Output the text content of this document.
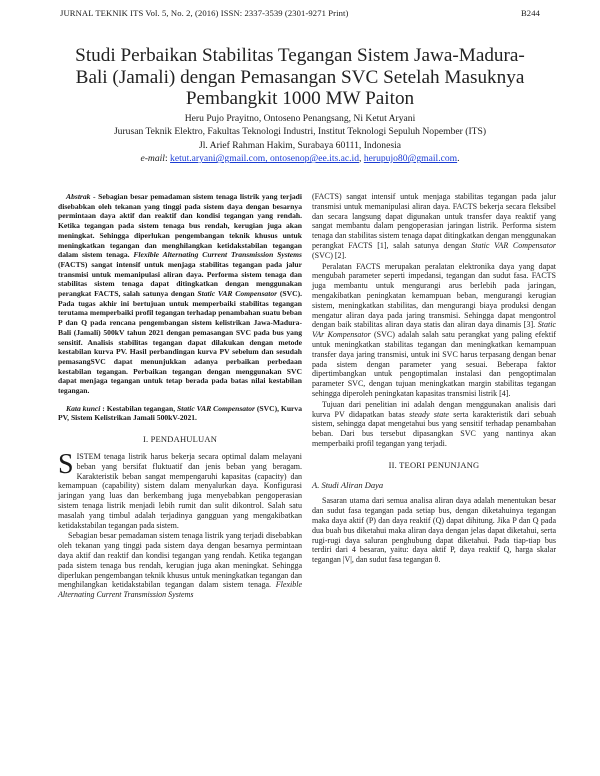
JURNAL TEKNIK ITS Vol. 5, No. 2, (2016) ISSN: 2337-3539 (2301-9271 Print)	B244
Studi Perbaikan Stabilitas Tegangan Sistem Jawa-Madura-
Bali (Jamali) dengan Pemasangan SVC Setelah Masuknya
Pembangkit 1000 MW Paiton
Heru Pujo Prayitno, Ontoseno Penangsang, Ni Ketut Aryani
Jurusan Teknik Elektro, Fakultas Teknologi Industri, Institut Teknologi Sepuluh Nopember (ITS)
Jl. Arief Rahman Hakim, Surabaya 60111, Indonesia
e-mail: ketut.aryani@gmail.com, ontosenop@ee.its.ac.id, herupujo80@gmail.com.

Abstrak - Sebagian besar pemadaman sistem tenaga listrik yang terjadi disebabkan oleh tekanan yang tinggi pada sistem daya dengan besarnya permintaan daya aktif dan reaktif dan kondisi tegangan yang rendah. Ketika tegangan pada sistem tenaga bus rendah, kerugian juga akan meningkat. Sehingga diperlukan pengembangan teknik khusus untuk meningkatkan tegangan dan menghilangkan ketidakstabilan tegangan dalam sistem tenaga. Flexible Alternating Current Transmission Systems (FACTS) sangat intensif untuk menjaga stabilitas tegangan pada jalur transmisi untuk memanipulasi aliran daya. Performa sistem tenaga dan stabilitas sistem tenaga dapat ditingkatkan dengan menggunakan perangkat FACTS, salah satunya dengan Static VAR Compensator (SVC). Pada tugas akhir ini bertujuan untuk memperbaiki stabilitas tegangan terutama memperbaiki profil tegangan terhadap penambahan suatu beban P dan Q pada rencana pengembangan sistem kelistrikan Jawa-Madura-Bali (Jamali) 500kV tahun 2021 dengan pemasangan SVC pada bus yang sensitif. Analisis stabilitas tegangan dapat dilakukan dengan metode kestabilan kurva PV. Hasil perbandingan kurva PV sebelum dan sesudah pemasangSVC dapat menunjukkan adanya perbaikan perbedaan kestabilan tegangan. Perbaikan tegangan dengan menggunakan SVC dapat menjaga tegangan untuk tetap berada pada batas nilai kestabilan tegangan.

Kata kunci : Kestabilan tegangan, Static VAR Compensator (SVC), Kurva PV, Sistem Kelistrikan Jamali 500kV-2021.

I. PENDAHULUAN

SISTEM tenaga listrik harus bekerja secara optimal dalam melayani beban yang bersifat fluktuatif dan jenis beban yang beragam. Karakteristik beban sangat mempengaruhi kapasitas (capacity) dan kemampuan (capability) sistem dalam menyalurkan daya. Konfigurasi jaringan yang luas dan berkembang juga menyebabkan pengoperasian sistem tenaga listrik menjadi lebih rumit dan sulit dikontrol. Salah satu masalah yang timbul adalah terjadinya gangguan yang mengakibatkan ketidakstabilan tegangan pada sistem.

Sebagian besar pemadaman sistem tenaga listrik yang terjadi disebabkan oleh tekanan yang tinggi pada sistem daya dengan besarnya permintaan daya aktif dan reaktif dan kondisi tegangan yang rendah. Ketika tegangan pada sistem tenaga bus rendah, kerugian juga akan meningkat. Sehingga diperlukan pengembangan teknik khusus untuk meningkatkan tegangan dan menghilangkan ketidakstabilan tegangan dalam sistem tenaga. Flexible Alternating Current Transmission Systems

(FACTS) sangat intensif untuk menjaga stabilitas tegangan pada jalur transmisi untuk memanipulasi aliran daya. FACTS bekerja secara fleksibel dan secara langsung dapat digunakan untuk transfer daya reaktif yang sangat membantu dalam pengoperasian jaringan listrik. Performa sistem tenaga dan stabilitas sistem tenaga dapat ditingkatkan dengan menggunakan perangkat FACTS [1], salah satunya dengan Static VAR Compensator (SVC) [2].

Peralatan FACTS merupakan peralatan elektronika daya yang dapat mengubah parameter seperti impedansi, tegangan dan sudut fasa. FACTS juga membantu untuk mengurangi arus berlebih pada jaringan, mengakibatkan peningkatan kemampuan beban, mengurangi kerugian sistem, meningkatkan stabilitas, dan mengurangi biaya produksi dengan mengatur aliran daya pada jaring transmisi. Sehingga dapat mengontrol dengan baik stabilitas aliran daya statis dan aliran daya dinamis [3]. Static VAr Kompensator (SVC) adalah salah satu perangkat yang paling efektif untuk meningkatkan stabilitas tegangan dan meningkatkan kemampuan transfer daya jaring transmisi, untuk ini SVC harus terpasang dengan benar pada sistem dengan parameter yang sesuai. Beberapa faktor dipertimbangkan untuk pengoptimalan instalasi dan pengoptimalan parameter SVC, dengan tujuan meningkatkan margin stabilitas tegangan sehingga diperoleh peningkatan kapasitas transmisi listrik [4].

Tujuan dari penelitian ini adalah dengan menggunakan analisis dari kurva PV didapatkan batas steady state serta karakteristik dari sebuah sistem, sehingga dapat mengetahui bus yang sensitif terhadap penambahan beban. Dari bus tersebut dipasangkan SVC yang nantinya akan memperbaiki profil tegangan yang terjadi.

II. TEORI PENUNJANG
A. Studi Aliran Daya

Sasaran utama dari semua analisa aliran daya adalah menentukan besar dan sudut fasa tegangan pada setiap bus, dengan diketahuinya tegangan maka daya aktif (P) dan daya reaktif (Q) dapat dihitung. Jika P dan Q pada dua buah bus diketahui maka aliran daya dengan jelas dapat diketahui, serta rugi-rugi daya saluran penghubung dapat diketahui. Pada tiap-tiap bus terdiri dari 4 besaran, yaitu: daya aktif P, daya reaktif Q, harga skalar tegangan |V|, dan sudut fasa tegangan θ.
